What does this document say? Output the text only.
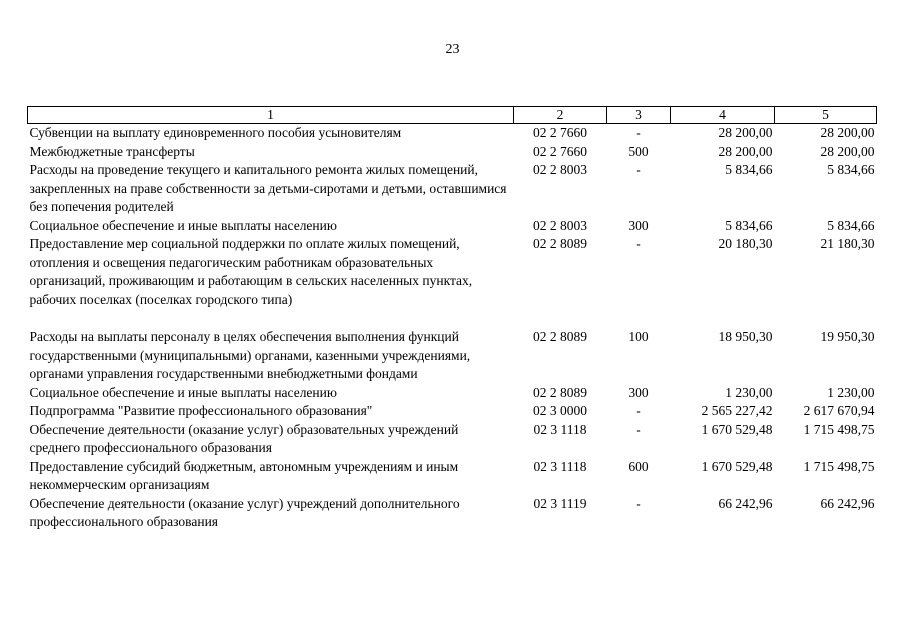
23
1	2	3	4	5
Субвенции на выплату единовременного пособия усыновителям	02 2 7660	-	28 200,00	28 200,00
Межбюджетные трансферты	02 2 7660	500	28 200,00	28 200,00
Расходы на проведение текущего и капитального ремонта жилых помещений, закрепленных на праве собственности за детьми-сиротами и детьми, оставшимися без попечения родителей	02 2 8003	-	5 834,66	5 834,66
Социальное обеспечение и иные выплаты населению	02 2 8003	300	5 834,66	5 834,66
Предоставление мер социальной поддержки по оплате жилых помещений, отопления и освещения педагогическим работникам образовательных организаций, проживающим и работающим в сельских населенных пунктах, рабочих поселках (поселках городского типа)	02 2 8089	-	20 180,30	21 180,30
Расходы на выплаты персоналу в целях обеспечения выполнения функций государственными (муниципальными) органами, казенными учреждениями, органами управления государственными внебюджетными фондами	02 2 8089	100	18 950,30	19 950,30
Социальное обеспечение и иные выплаты населению	02 2 8089	300	1 230,00	1 230,00
Подпрограмма "Развитие профессионального образования"	02 3 0000	-	2 565 227,42	2 617 670,94
Обеспечение деятельности (оказание услуг) образовательных учреждений среднего профессионального образования	02 3 1118	-	1 670 529,48	1 715 498,75
Предоставление субсидий бюджетным, автономным учреждениям и иным некоммерческим организациям	02 3 1118	600	1 670 529,48	1 715 498,75
Обеспечение деятельности (оказание услуг) учреждений дополнительного профессионального образования	02 3 1119	-	66 242,96	66 242,96
